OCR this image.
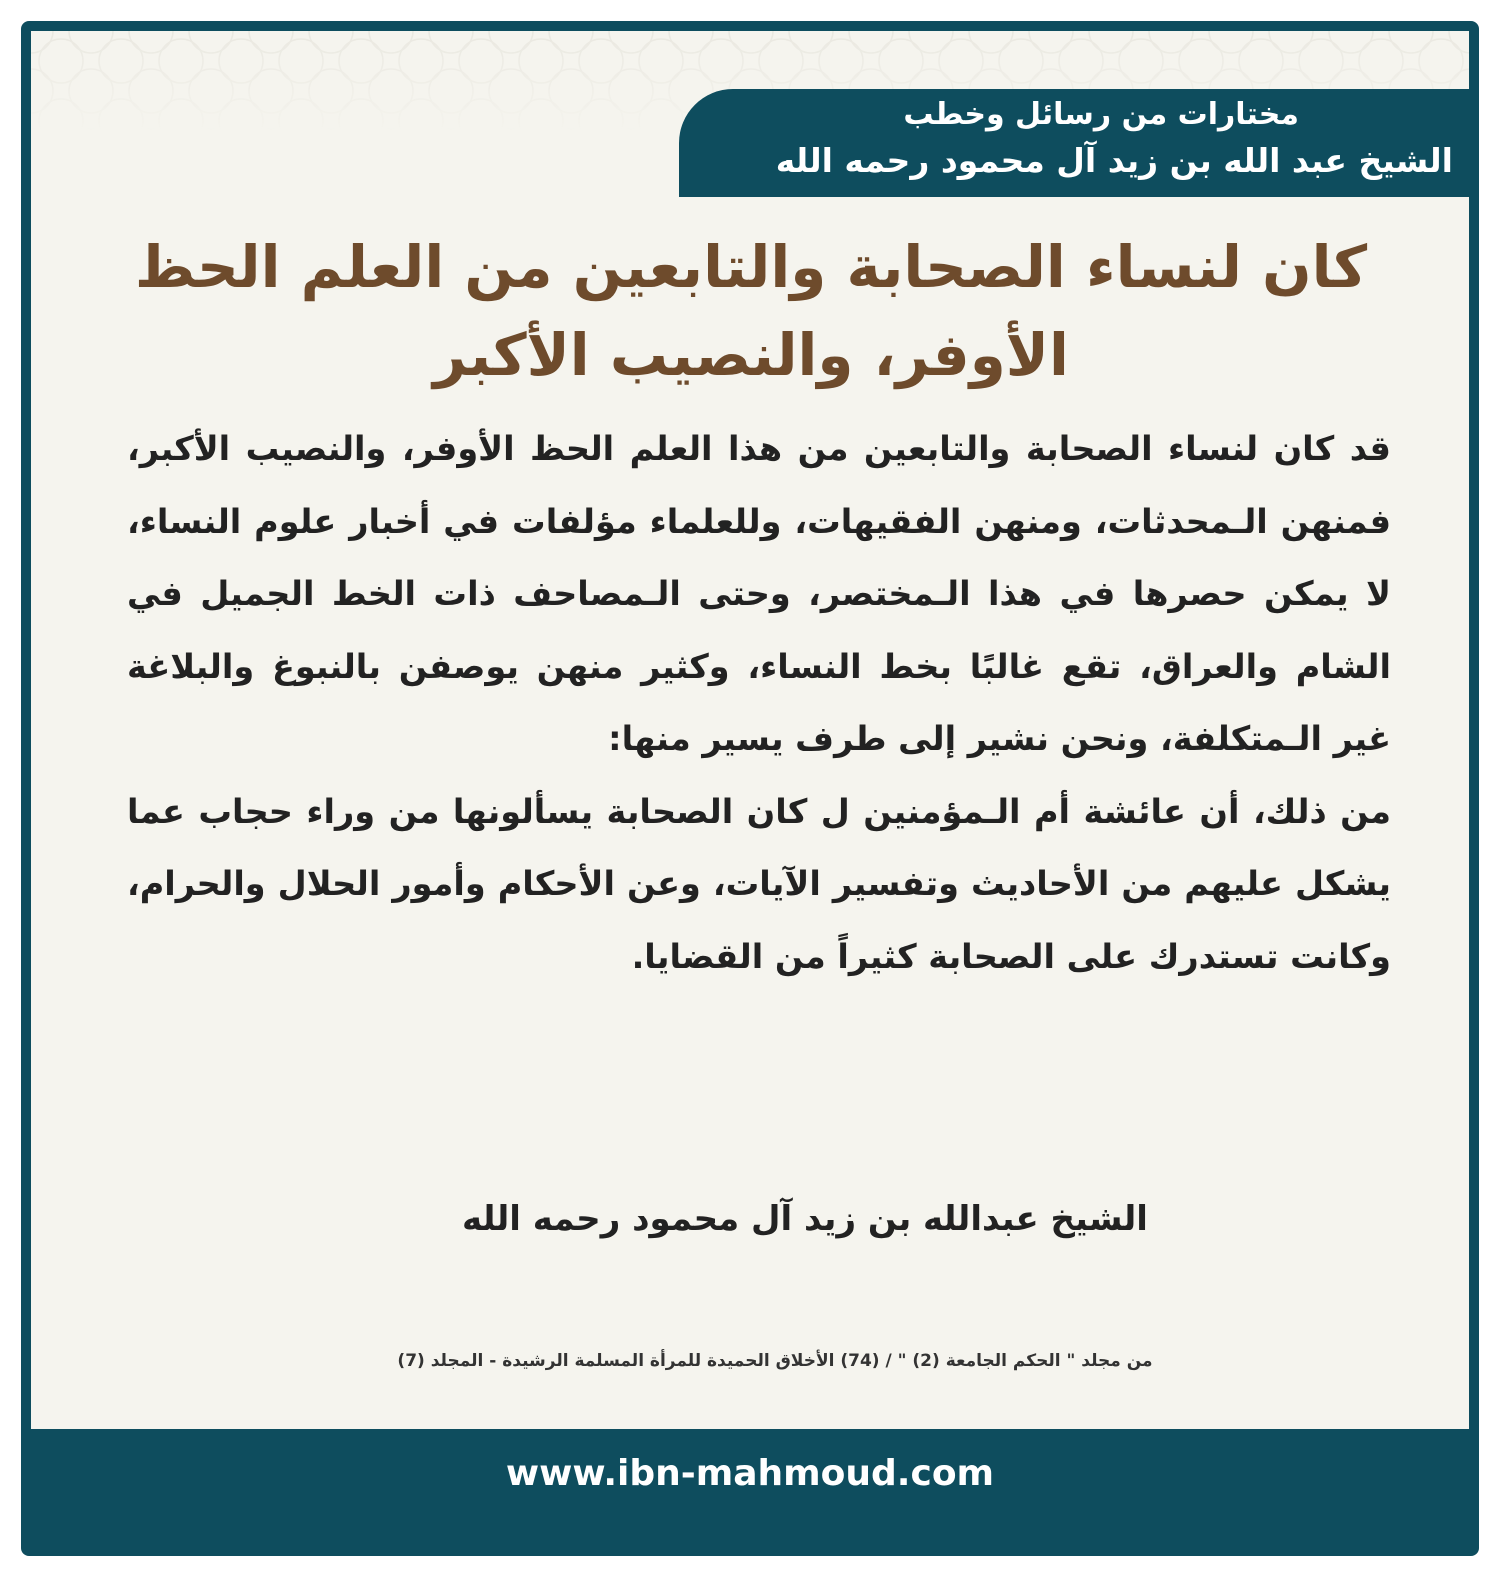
مختارات من رسائل وخطب
الشيخ عبد الله بن زيد آل محمود رحمه الله
كان لنساء الصحابة والتابعين من العلم الحظ الأوفر، والنصيب الأكبر

قد كان لنساء الصحابة والتابعين من هذا العلم الحظ الأوفر، والنصيب الأكبر، فمنهن الـمحدثات، ومنهن الفقيهات، وللعلماء مؤلفات في أخبار علوم النساء، لا يمكن حصرها في هذا الـمختصر، وحتى الـمصاحف ذات الخط الجميل في الشام والعراق، تقع غالبًا بخط النساء، وكثير منهن يوصفن بالنبوغ والبلاغة غير الـمتكلفة، ونحن نشير إلى طرف يسير منها:

من ذلك، أن عائشة أم الـمؤمنين ل كان الصحابة يسألونها من وراء حجاب عما يشكل عليهم من الأحاديث وتفسير الآيات، وعن الأحكام وأمور الحلال والحرام، وكانت تستدرك على الصحابة كثيراً من القضايا.

الشيخ عبدالله بن زيد آل محمود رحمه الله
من مجلد " الحكم الجامعة (2) " / (74) الأخلاق الحميدة للمرأة المسلمة الرشيدة - المجلد (7)
www.ibn-mahmoud.com
